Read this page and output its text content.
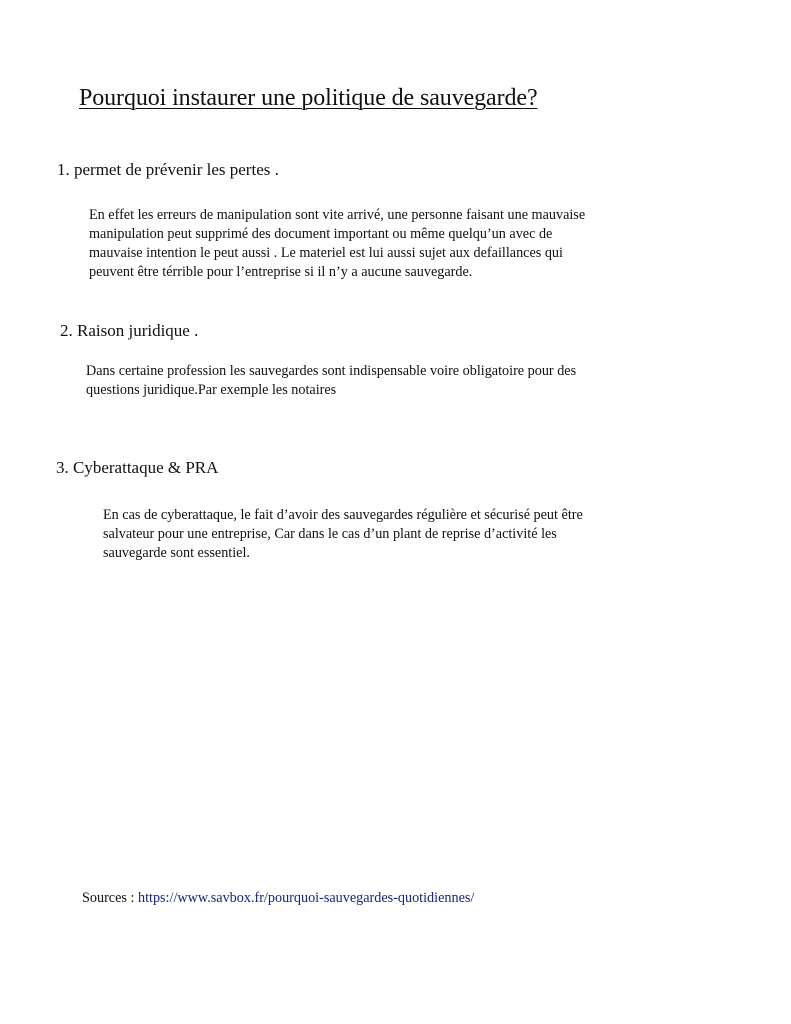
Pourquoi instaurer une politique de sauvegarde?
1. permet de prévenir les pertes .
En effet les erreurs de manipulation sont vite arrivé, une personne faisant une mauvaise
manipulation peut supprimé des document important ou même quelqu’un avec de
mauvaise intention le peut aussi . Le materiel est lui aussi sujet aux defaillances qui
peuvent être térrible pour l’entreprise si il n’y a aucune sauvegarde.
2. Raison juridique .
Dans certaine profession les sauvegardes sont indispensable voire obligatoire pour des
questions juridique.Par exemple les notaires
3. Cyberattaque & PRA
En cas de cyberattaque, le fait d’avoir des sauvegardes régulière et sécurisé peut être
salvateur pour une entreprise, Car dans le cas d’un plant de reprise d’activité les
sauvegarde sont essentiel.
Sources : https://www.savbox.fr/pourquoi-sauvegardes-quotidiennes/
